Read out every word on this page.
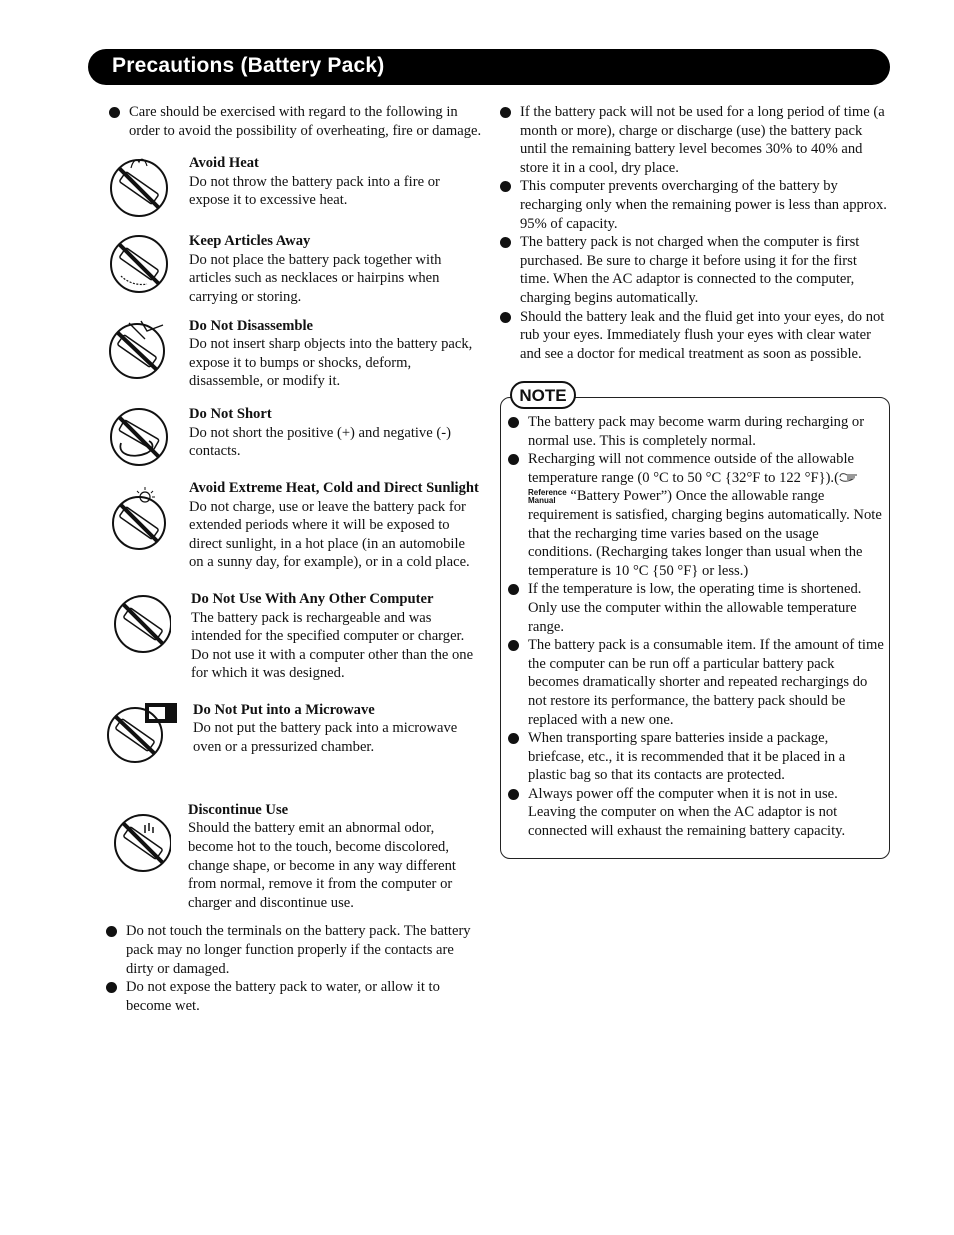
Precautions (Battery Pack)
Care should be exercised with regard to the following in order to avoid the possibility of overheating, fire or damage.
Avoid Heat
Do not throw the battery pack into a fire or expose it to excessive heat.
Keep Articles Away
Do not place the battery pack together with articles such as necklaces or hairpins when carrying or storing.
Do Not Disassemble
Do not insert sharp objects into the battery pack, expose it to bumps or shocks, deform, disassemble, or modify it.
Do Not Short
Do not short the positive (+) and negative (-) contacts.
Avoid Extreme Heat, Cold and Direct Sunlight
Do not charge, use or leave the battery pack for extended periods where it will be exposed to direct sunlight, in a hot place (in an automobile on a sunny day, for example), or in a cold place.
Do Not Use With Any Other Computer
The battery pack is rechargeable and was intended for the specified computer or charger. Do not use it with a computer other than the one for which it was designed.
Do Not Put into a Microwave
Do not put the battery pack into a microwave oven or a pressurized chamber.
Discontinue Use
Should the battery emit an abnormal odor, become hot to the touch, become discolored, change shape, or become in any way different from normal, remove it from the computer or charger and discontinue use.
Do not touch the terminals on the battery pack. The battery pack may no longer function properly if the contacts are dirty or damaged.
Do not expose the battery pack to water, or allow it to become wet.
If the battery pack will not be used for a long period of time (a month or more), charge or discharge (use) the battery pack until the remaining battery level becomes 30% to 40% and store it in a cool, dry place.
This computer prevents overcharging of the battery by recharging only when the remaining power is less than approx. 95% of capacity.
The battery pack is not charged when the computer is first purchased. Be sure to charge it before using it for the first time. When the AC adaptor is connected to the computer, charging begins automatically.
Should the battery leak and the fluid get into your eyes, do not rub your eyes. Immediately flush your eyes with clear water and see a doctor for medical treatment as soon as possible.
NOTE
The battery pack may become warm during recharging or normal use. This is completely normal.
Recharging will not commence outside of the allowable temperature range (0 °C to 50 °C {32°F to 122 °F}).(
Reference
Manual “Battery Power”) Once the allowable range requirement is satisfied, charging begins automatically. Note that the recharging time varies based on the usage conditions. (Recharging takes longer than usual when the temperature is 10 °C {50 °F} or less.)
If the temperature is low, the operating time is shortened. Only use the computer within the allowable temperature range.
The battery pack is a consumable item. If the amount of time the computer can be run off a particular battery pack becomes dramatically shorter and repeated rechargings do not restore its performance, the battery pack should be replaced with a new one.
When transporting spare batteries inside a package, briefcase, etc., it is recommended that it be placed in a plastic bag so that its contacts are protected.
Always power off the computer when it is not in use. Leaving the computer on when the AC adaptor is not connected will exhaust the remaining battery capacity.
